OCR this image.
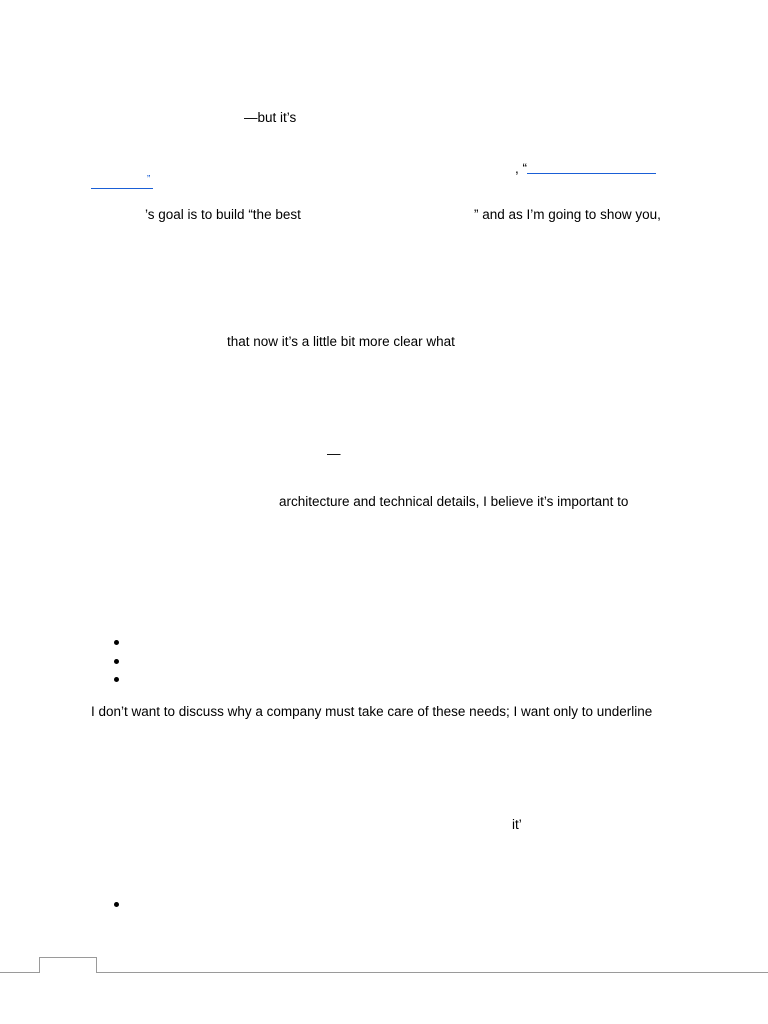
—but it’s
, “
”
’s goal is to build “the best	” and as I’m going to show you,
that now it’s a little bit more clear what
—
architecture and technical details, I believe it’s important to
I don’t want to discuss why a company must take care of these needs; I want only to underline
it’
